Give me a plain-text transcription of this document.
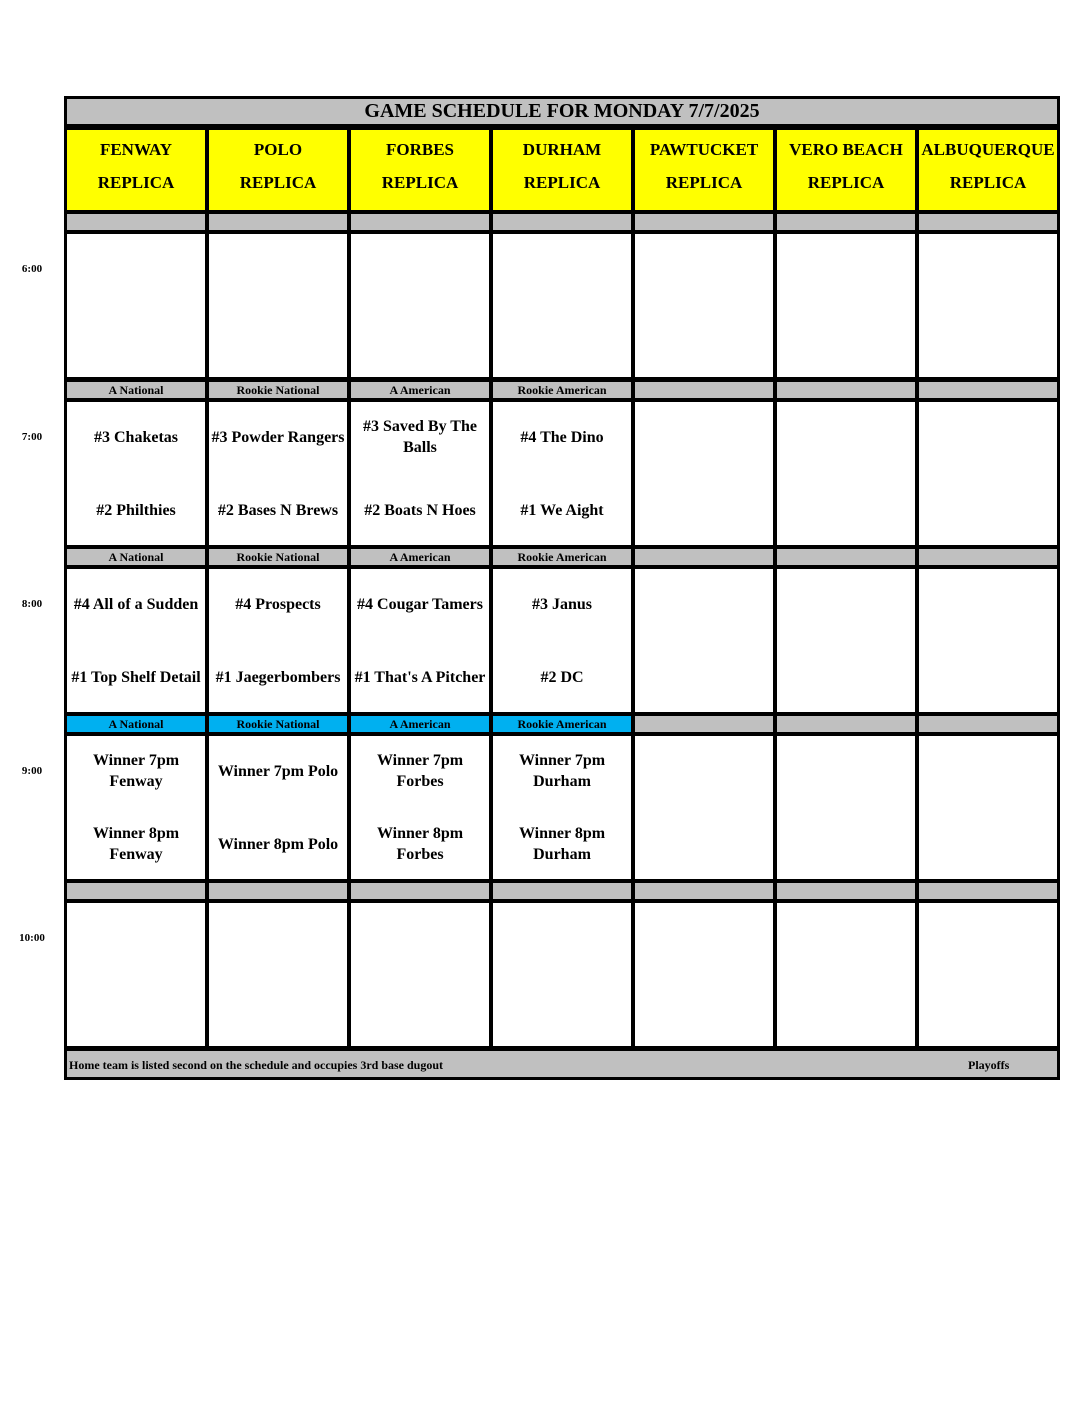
GAME SCHEDULE FOR MONDAY 7/7/2025
FENWAY
REPLICA
POLO
REPLICA
FORBES
REPLICA
DURHAM
REPLICA
PAWTUCKET
REPLICA
VERO BEACH
REPLICA
ALBUQUERQUE
REPLICA
6:00
7:00
A National
#3 Chaketas
#2 Philthies
Rookie National
#3 Powder Rangers
#2 Bases N Brews
A American
#3 Saved By The Balls
#2 Boats N Hoes
Rookie American
#4 The Dino
#1 We Aight
8:00
A National
#4 All of a Sudden
#1 Top Shelf Detail
Rookie National
#4 Prospects
#1 Jaegerbombers
A American
#4 Cougar Tamers
#1 That's A Pitcher
Rookie American
#3 Janus
#2 DC
9:00
A National
Winner 7pm Fenway
Winner 8pm Fenway
Rookie National
Winner 7pm Polo
Winner 8pm Polo
A American
Winner 7pm Forbes
Winner 8pm Forbes
Rookie American
Winner 7pm Durham
Winner 8pm Durham
10:00
Home team is listed second on the schedule and occupies 3rd base dugout	Playoffs
